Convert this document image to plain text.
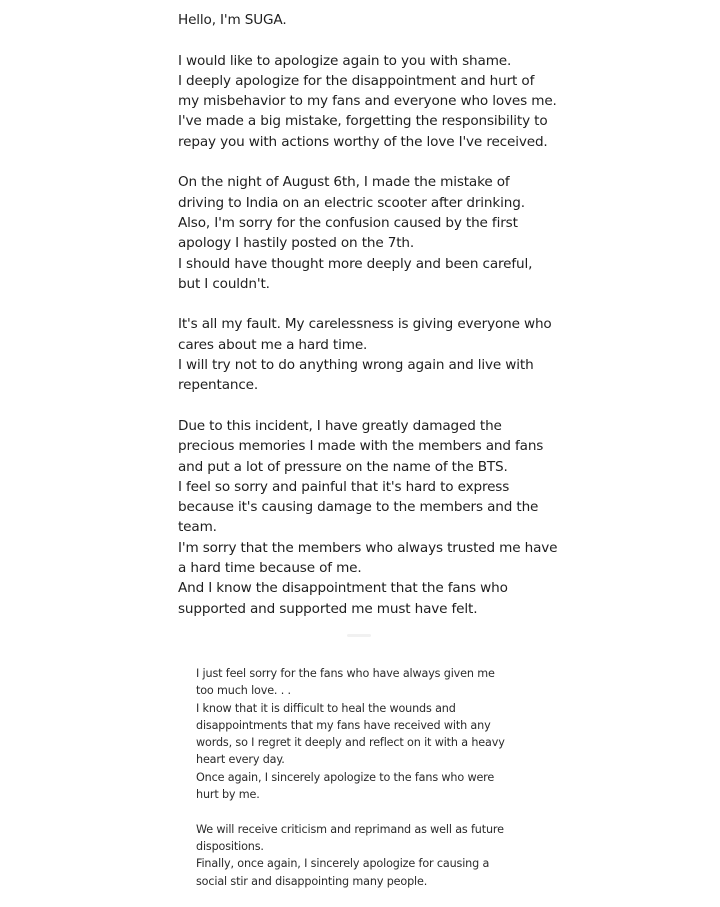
Hello, I'm SUGA.

I would like to apologize again to you with shame.
I deeply apologize for the disappointment and hurt of
my misbehavior to my fans and everyone who loves me.
I've made a big mistake, forgetting the responsibility to
repay you with actions worthy of the love I've received.

On the night of August 6th, I made the mistake of
driving to India on an electric scooter after drinking.
Also, I'm sorry for the confusion caused by the first
apology I hastily posted on the 7th.
I should have thought more deeply and been careful,
but I couldn't.

It's all my fault. My carelessness is giving everyone who
cares about me a hard time.
I will try not to do anything wrong again and live with
repentance.

Due to this incident, I have greatly damaged the
precious memories I made with the members and fans
and put a lot of pressure on the name of the BTS.
I feel so sorry and painful that it's hard to express
because it's causing damage to the members and the
team.
I'm sorry that the members who always trusted me have
a hard time because of me.
And I know the disappointment that the fans who
supported and supported me must have felt.

I just feel sorry for the fans who have always given me
too much love. . .
I know that it is difficult to heal the wounds and
disappointments that my fans have received with any
words, so I regret it deeply and reflect on it with a heavy
heart every day.
Once again, I sincerely apologize to the fans who were
hurt by me.

We will receive criticism and reprimand as well as future
dispositions.
Finally, once again, I sincerely apologize for causing a
social stir and disappointing many people.
